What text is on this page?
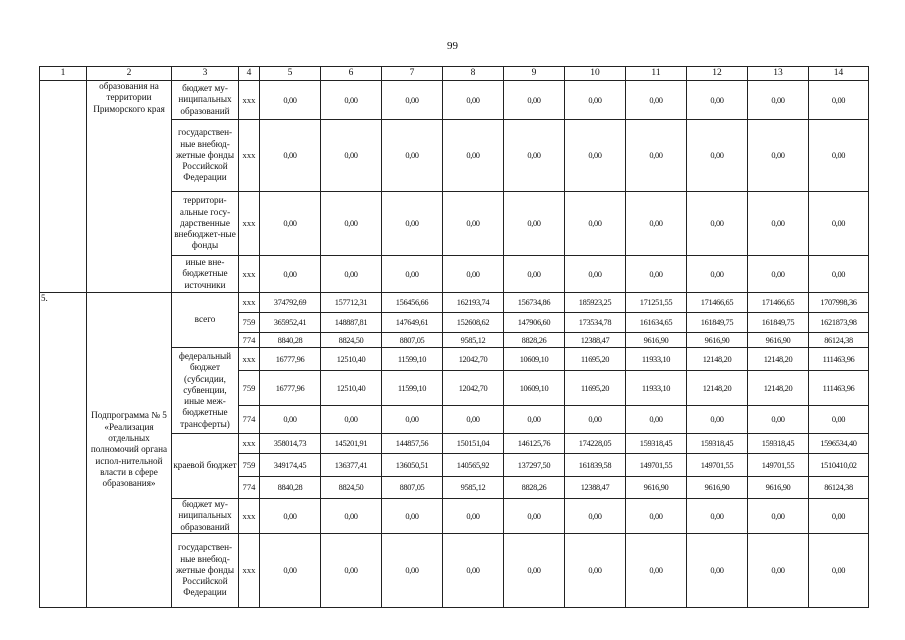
99
1	2	3	4	5	6	7	8	9	10	11	12	13	14
	образования на территории Приморского края	бюджет му-ниципальных образований	xxx	0,00	0,00	0,00	0,00	0,00	0,00	0,00	0,00	0,00	0,00
		государствен-ные внебюд-жетные фонды Российской Федерации	xxx	0,00	0,00	0,00	0,00	0,00	0,00	0,00	0,00	0,00	0,00
		территори-альные госу-дарственные внебюджет-ные фонды	xxx	0,00	0,00	0,00	0,00	0,00	0,00	0,00	0,00	0,00	0,00
		иные вне-бюджетные источники	xxx	0,00	0,00	0,00	0,00	0,00	0,00	0,00	0,00	0,00	0,00
5.	Подпрограмма № 5 «Реализация отдельных полномочий органа испол-нительной власти в сфере образования»	всего	xxx	374792,69	157712,31	156456,66	162193,74	156734,86	185923,25	171251,55	171466,65	171466,65	1707998,36
			759	365952,41	148887,81	147649,61	152608,62	147906,60	173534,78	161634,65	161849,75	161849,75	1621873,98
			774	8840,28	8824,50	8807,05	9585,12	8828,26	12388,47	9616,90	9616,90	9616,90	86124,38
		федеральный бюджет (субсидии, субвенции, иные меж-бюджетные трансферты)	xxx	16777,96	12510,40	11599,10	12042,70	10609,10	11695,20	11933,10	12148,20	12148,20	111463,96
			759	16777,96	12510,40	11599,10	12042,70	10609,10	11695,20	11933,10	12148,20	12148,20	111463,96
			774	0,00	0,00	0,00	0,00	0,00	0,00	0,00	0,00	0,00	0,00
		краевой бюджет	xxx	358014,73	145201,91	144857,56	150151,04	146125,76	174228,05	159318,45	159318,45	159318,45	1596534,40
			759	349174,45	136377,41	136050,51	140565,92	137297,50	161839,58	149701,55	149701,55	149701,55	1510410,02
			774	8840,28	8824,50	8807,05	9585,12	8828,26	12388,47	9616,90	9616,90	9616,90	86124,38
		бюджет му-ниципальных образований	xxx	0,00	0,00	0,00	0,00	0,00	0,00	0,00	0,00	0,00	0,00
		государствен-ные внебюд-жетные фонды Российской Федерации	xxx	0,00	0,00	0,00	0,00	0,00	0,00	0,00	0,00	0,00	0,00
